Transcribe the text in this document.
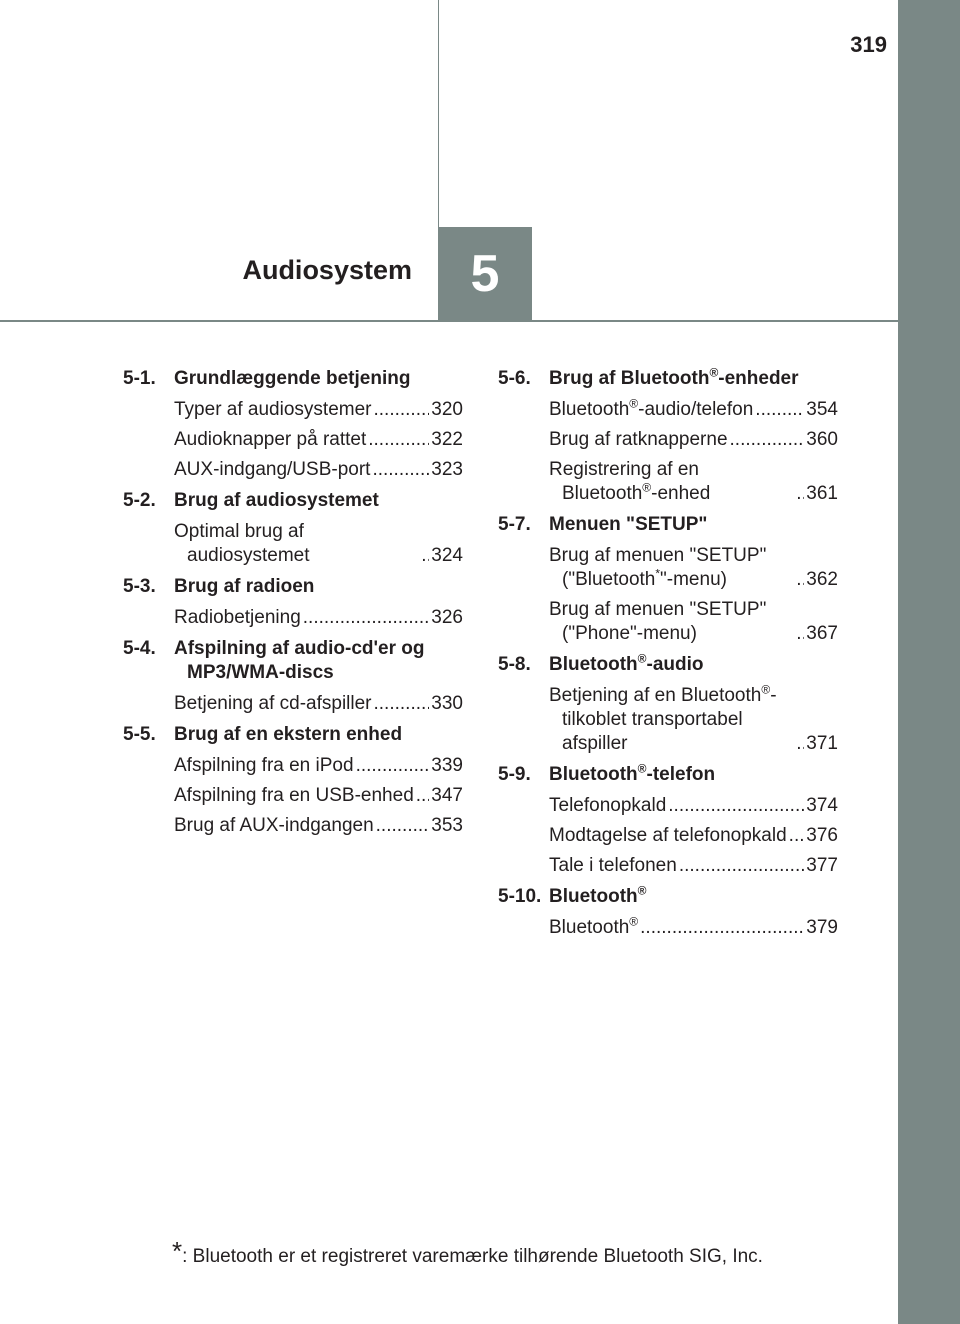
319
5
Audiosystem
5-1. Grundlæggende betjening
Typer af audiosystemer .....	320
Audioknapper på rattet .....	322
AUX-indgang/USB-port .....	323
5-2. Brug af audiosystemet
Optimal brug af audiosystemet .....	324
5-3. Brug af radioen
Radiobetjening .....	326
5-4. Afspilning af audio-cd'er og MP3/WMA-discs
Betjening af cd-afspiller .....	330
5-5. Brug af en ekstern enhed
Afspilning fra en iPod .....	339
Afspilning fra en USB-enhed ..... 347
Brug af AUX-indgangen .....	353
5-6. Brug af Bluetooth®-enheder
Bluetooth®-audio/telefon .....	354
Brug af ratknapperne .....	360
Registrering af en Bluetooth®-enhed .....	361
5-7. Menuen "SETUP"
Brug af menuen "SETUP" ("Bluetooth*"-menu) .....	362
Brug af menuen "SETUP" ("Phone"-menu) .....	367
5-8. Bluetooth®-audio
Betjening af en Bluetooth®- tilkoblet transportabel afspiller .....	371
5-9. Bluetooth®-telefon
Telefonopkald .....	374
Modtagelse af telefonopkald ..... 376
Tale i telefonen .....	377
5-10. Bluetooth®
Bluetooth® .....	379
*: Bluetooth er et registreret varemærke tilhørende Bluetooth SIG, Inc.
